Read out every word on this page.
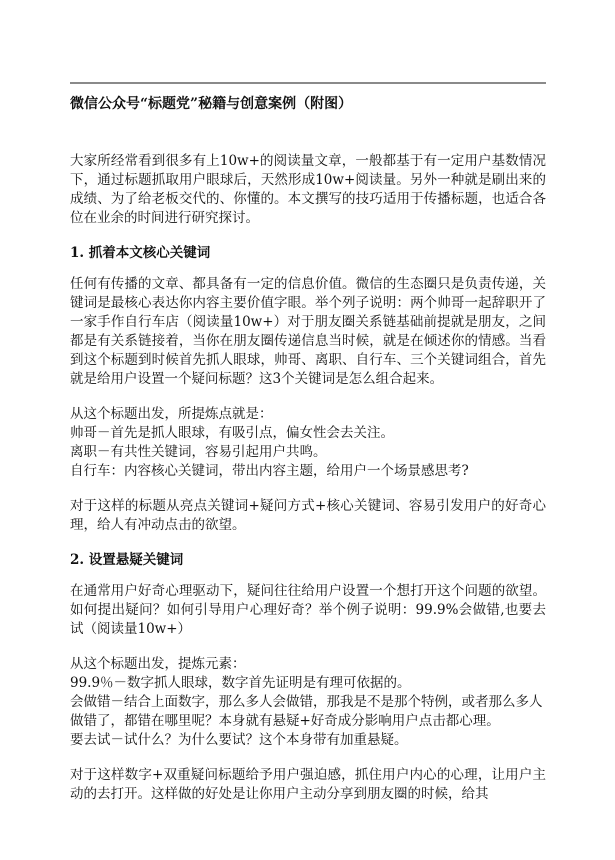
微信公众号“标题党”秘籍与创意案例（附图）
大家所经常看到很多有上10w+的阅读量文章，一般都基于有一定用户基数情况下，通过标题抓取用户眼球后，天然形成10w+阅读量。另外一种就是刷出来的成绩、为了给老板交代的、你懂的。本文撰写的技巧适用于传播标题，也适合各位在业余的时间进行研究探讨。
1. 抓着本文核心关键词
任何有传播的文章、都具备有一定的信息价值。微信的生态圈只是负责传递，关键词是最核心表达你内容主要价值字眼。举个列子说明：两个帅哥一起辞职开了一家手作自行车店（阅读量10w+）对于朋友圈关系链基础前提就是朋友，之间都是有关系链接着，当你在朋友圈传递信息当时候，就是在倾述你的情感。当看到这个标题到时候首先抓人眼球，帅哥、离职、自行车、三个关键词组合，首先就是给用户设置一个疑问标题？这3个关键词是怎么组合起来。
从这个标题出发，所提炼点就是：
帅哥－首先是抓人眼球，有吸引点，偏女性会去关注。
离职－有共性关键词，容易引起用户共鸣。
自行车：内容核心关键词，带出内容主题，给用户一个场景感思考?
对于这样的标题从亮点关键词+疑问方式+核心关键词、容易引发用户的好奇心理，给人有冲动点击的欲望。
2. 设置悬疑关键词
在通常用户好奇心理驱动下，疑问往往给用户设置一个想打开这个问题的欲望。如何提出疑问？如何引导用户心理好奇？举个例子说明：99.9%会做错,也要去试（阅读量10w+）
从这个标题出发，提炼元素：
99.9％－数字抓人眼球，数字首先证明是有理可依据的。
会做错－结合上面数字，那么多人会做错，那我是不是那个特例，或者那么多人做错了，都错在哪里呢？本身就有悬疑+好奇成分影响用户点击都心理。
要去试－试什么？为什么要试？这个本身带有加重悬疑。
对于这样数字+双重疑问标题给予用户强迫感，抓住用户内心的心理，让用户主动的去打开。这样做的好处是让你用户主动分享到朋友圈的时候，给其
